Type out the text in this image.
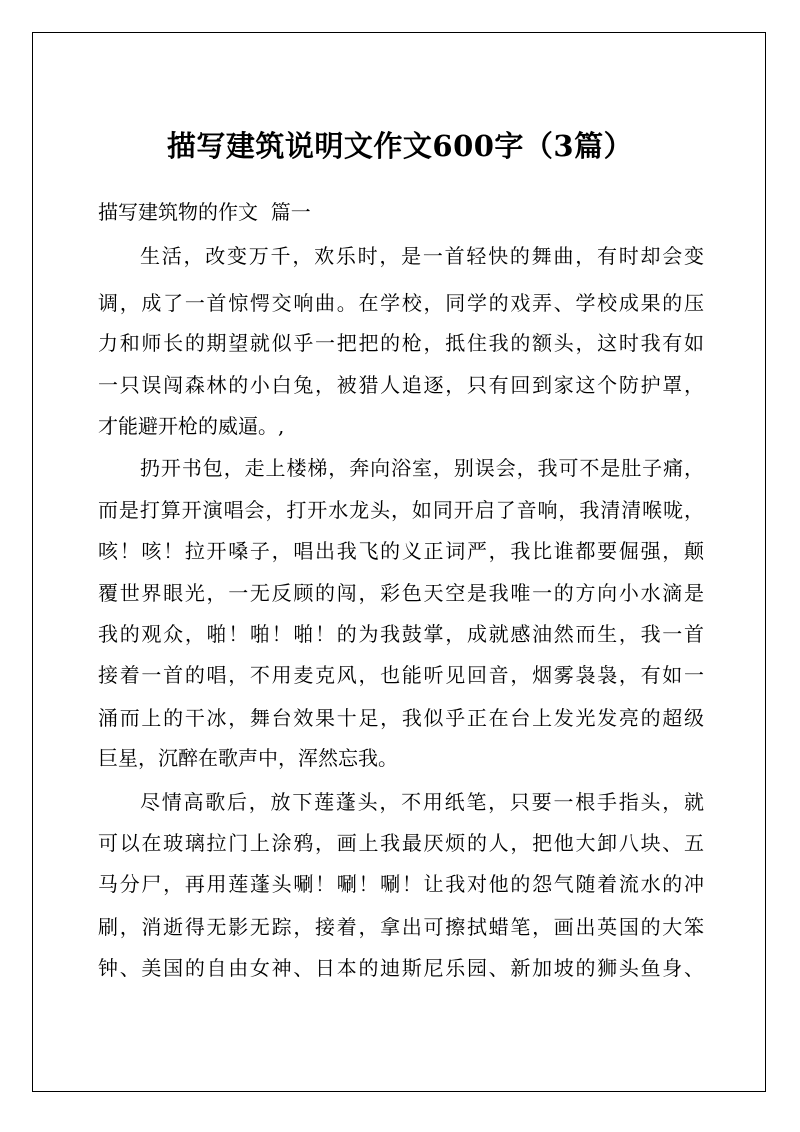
描写建筑说明文作文600字（3篇）
描写建筑物的作文  篇一
生活，改变万千，欢乐时，是一首轻快的舞曲，有时却会变
调，成了一首惊愕交响曲。在学校，同学的戏弄、学校成果的压
力和师长的期望就似乎一把把的枪，抵住我的额头，这时我有如
一只误闯森林的小白兔，被猎人追逐，只有回到家这个防护罩，
才能避开枪的威逼。,
扔开书包，走上楼梯，奔向浴室，别误会，我可不是肚子痛，
而是打算开演唱会，打开水龙头，如同开启了音响，我清清喉咙，
咳！咳！拉开嗓子，唱出我飞的义正词严，我比谁都要倔强，颠
覆世界眼光，一无反顾的闯，彩色天空是我唯一的方向小水滴是
我的观众，啪！啪！啪！的为我鼓掌，成就感油然而生，我一首
接着一首的唱，不用麦克风，也能听见回音，烟雾袅袅，有如一
涌而上的干冰，舞台效果十足，我似乎正在台上发光发亮的超级
巨星，沉醉在歌声中，浑然忘我。
尽情高歌后，放下莲蓬头，不用纸笔，只要一根手指头，就
可以在玻璃拉门上涂鸦，画上我最厌烦的人，把他大卸八块、五
马分尸，再用莲蓬头唰！唰！唰！让我对他的怨气随着流水的冲
刷，消逝得无影无踪，接着，拿出可擦拭蜡笔，画出英国的大笨
钟、美国的自由女神、日本的迪斯尼乐园、新加坡的狮头鱼身、
